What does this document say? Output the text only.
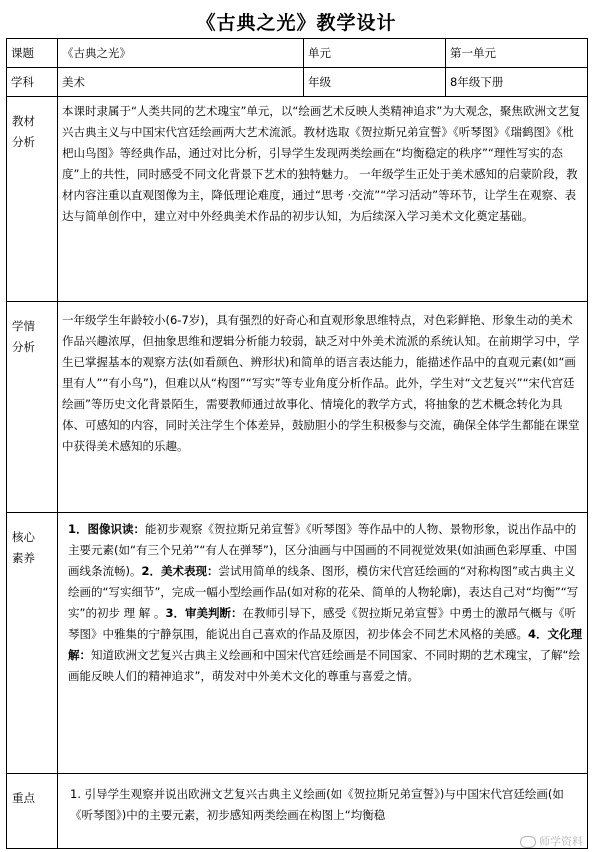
《古典之光》教学设计
课题	《古典之光》	单元	第一单元
学科	美术	年级	8年级下册

教材
分析	本课时隶属于“人类共同的艺术瑰宝”单元，以“绘画艺术反映人类精神追求”为大观念，聚焦欧洲文艺复兴古典主义与中国宋代宫廷绘画两大艺术流派。教材选取《贺拉斯兄弟宣誓》《听琴图》《瑞鹤图》《枇杷山鸟图》等经典作品，通过对比分析，引导学生发现两类绘画在“均衡稳定的秩序”“理性写实的态度”上的共性，同时感受不同文化背景下艺术的独特魅力。 一年级学生正处于美术感知的启蒙阶段，教材内容注重以直观图像为主，降低理论难度，通过“思考 ·交流”“学习活动”等环节，让学生在观察、表达与简单创作中，建立对中外经典美术作品的初步认知，为后续深入学习美术文化奠定基础。		

学情
分析	一年级学生年龄较小(6-7岁)，具有强烈的好奇心和直观形象思维特点，对色彩鲜艳、形象生动的美术作品兴趣浓厚，但抽象思维和逻辑分析能力较弱，缺乏对中外美术流派的系统认知。在前期学习中，学生已掌握基本的观察方法(如看颜色、辨形状)和简单的语言表达能力，能描述作品中的直观元素(如“画里有人”“有小鸟”)，但难以从“构图”“写实”等专业角度分析作品。此外，学生对“文艺复兴”“宋代宫廷绘画”等历史文化背景陌生，需要教师通过故事化、情境化的教学方式，将抽象的艺术概念转化为具体、可感知的内容，同时关注学生个体差异，鼓励胆小的学生积极参与交流，确保全体学生都能在课堂中获得美术感知的乐趣。		

核心
素养	1．图像识读：能初步观察《贺拉斯兄弟宣誓》《听琴图》等作品中的人物、景物形象，说出作品中的主要元素(如“有三个兄弟”“有人在弹琴”)，区分油画与中国画的不同视觉效果(如油画色彩厚重、中国画线条流畅)。2．美术表现：尝试用简单的线条、图形，模仿宋代宫廷绘画的“对称构图”或古典主义绘画的“写实细节”，完成一幅小型绘画作品(如对称的花朵、简单的人物轮廓)，表达自己对“均衡”“写实”的初步 理 解 。3．审美判断：在教师引导下，感受《贺拉斯兄弟宣誓》中勇士的激昂气概与《听琴图》中雅集的宁静氛围，能说出自己喜欢的作品及原因，初步体会不同艺术风格的美感。4．文化理解：知道欧洲文艺复兴古典主义绘画和中国宋代宫廷绘画是不同国家、不同时期的艺术瑰宝，了解“绘画能反映人们的精神追求”，萌发对中外美术文化的尊重与喜爱之情。		
重点	1. 引导学生观察并说出欧洲文艺复兴古典主义绘画(如《贺拉斯兄弟宣誓》)与中国宋代宫廷绘画(如《听琴图》)中的主要元素，初步感知两类绘画在构图上“均衡稳		
师学资料
